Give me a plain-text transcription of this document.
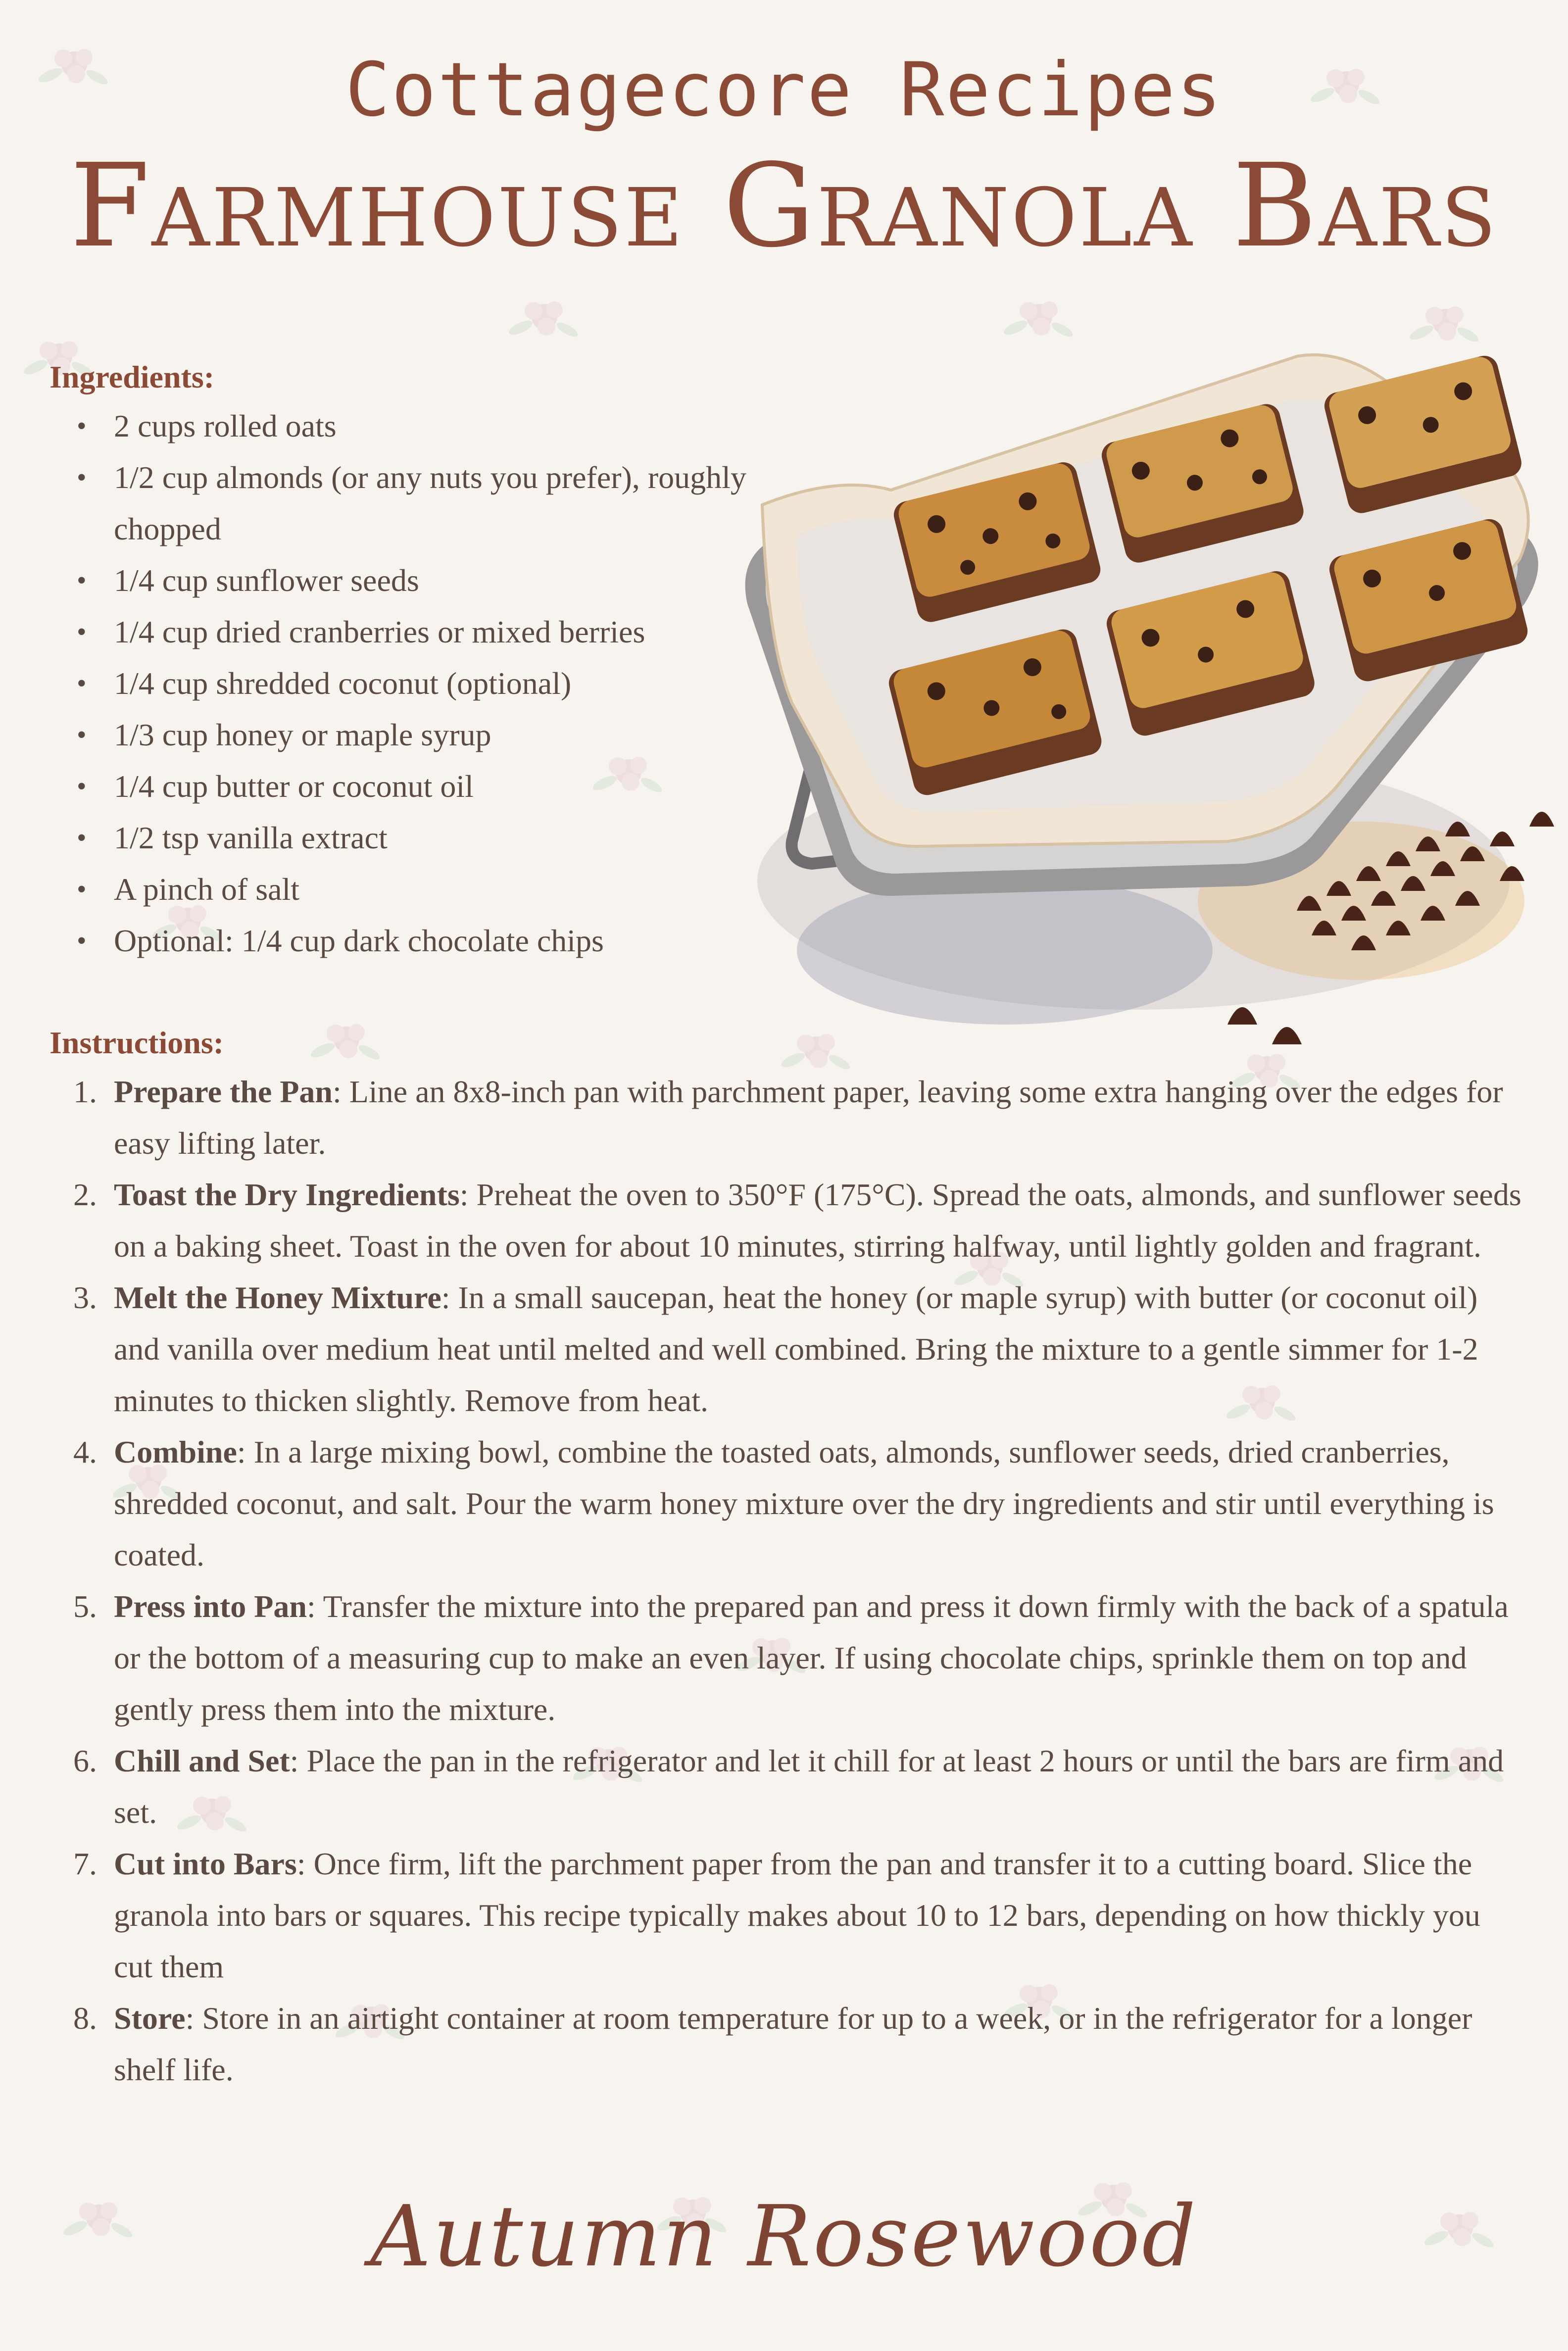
Cottagecore Recipes
Farmhouse Granola Bars
Ingredients:
• 2 cups rolled oats
• 1/2 cup almonds (or any nuts you prefer), roughly chopped
• 1/4 cup sunflower seeds
• 1/4 cup dried cranberries or mixed berries
• 1/4 cup shredded coconut (optional)
• 1/3 cup honey or maple syrup
• 1/4 cup butter or coconut oil
• 1/2 tsp vanilla extract
• A pinch of salt
• Optional: 1/4 cup dark chocolate chips
Instructions:
1. Prepare the Pan: Line an 8x8-inch pan with parchment paper, leaving some extra hanging over the edges for easy lifting later.
2. Toast the Dry Ingredients: Preheat the oven to 350°F (175°C). Spread the oats, almonds, and sunflower seeds on a baking sheet. Toast in the oven for about 10 minutes, stirring halfway, until lightly golden and fragrant.
3. Melt the Honey Mixture: In a small saucepan, heat the honey (or maple syrup) with butter (or coconut oil) and vanilla over medium heat until melted and well combined. Bring the mixture to a gentle simmer for 1-2 minutes to thicken slightly. Remove from heat.
4. Combine: In a large mixing bowl, combine the toasted oats, almonds, sunflower seeds, dried cranberries, shredded coconut, and salt. Pour the warm honey mixture over the dry ingredients and stir until everything is coated.
5. Press into Pan: Transfer the mixture into the prepared pan and press it down firmly with the back of a spatula or the bottom of a measuring cup to make an even layer. If using chocolate chips, sprinkle them on top and gently press them into the mixture.
6. Chill and Set: Place the pan in the refrigerator and let it chill for at least 2 hours or until the bars are firm and set.
7. Cut into Bars: Once firm, lift the parchment paper from the pan and transfer it to a cutting board. Slice the granola into bars or squares. This recipe typically makes about 10 to 12 bars, depending on how thickly you cut them
8. Store: Store in an airtight container at room temperature for up to a week, or in the refrigerator for a longer shelf life.
Autumn Rosewood
